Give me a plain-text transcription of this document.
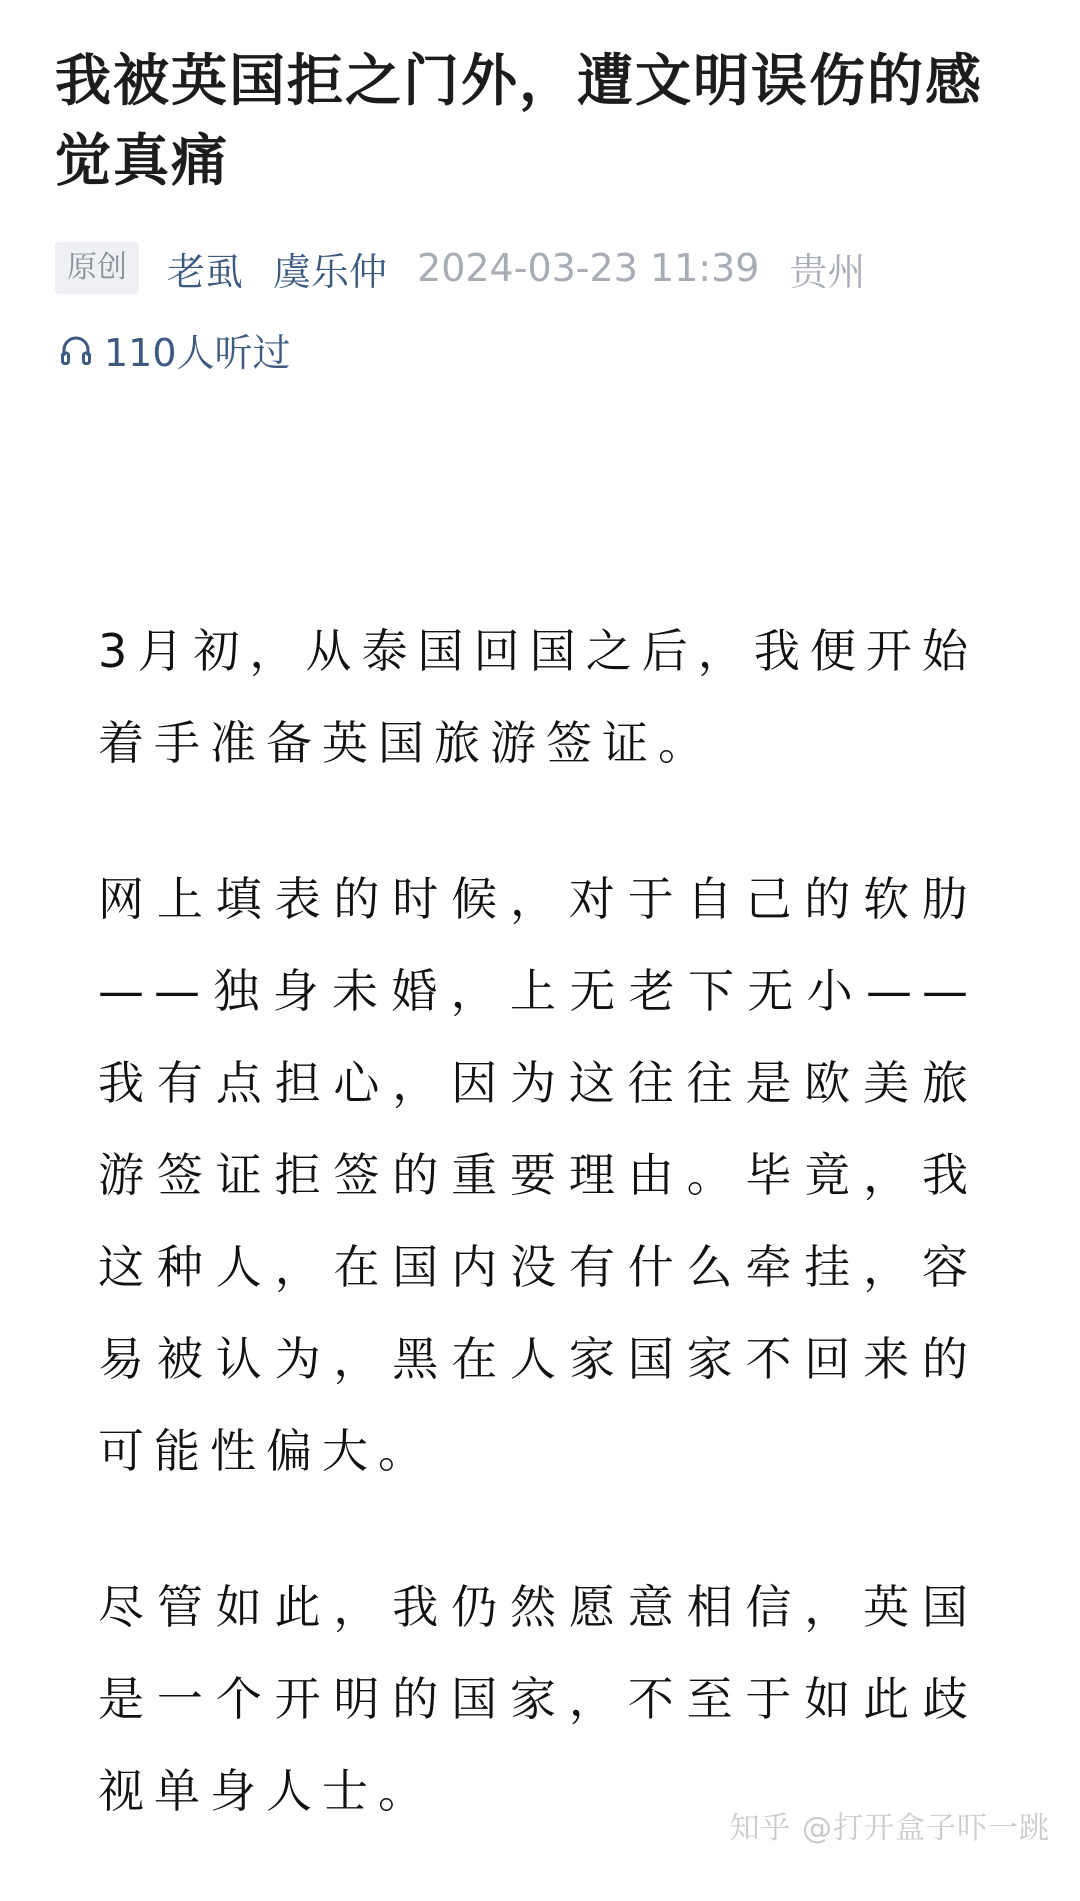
我被英国拒之门外，遭文明误伤的感觉真痛
原创	老虱 虞乐仲 2024-03-23 11:39 贵州
110人听过

3月初，从泰国回国之后，我便开始着手准备英国旅游签证。

网上填表的时候，对于自己的软肋——独身未婚，上无老下无小——我有点担心，因为这往往是欧美旅游签证拒签的重要理由。毕竟，我这种人，在国内没有什么牵挂，容易被认为，黑在人家国家不回来的可能性偏大。

尽管如此，我仍然愿意相信，英国是一个开明的国家，不至于如此歧视单身人士。

知乎 @打开盒子吓一跳
